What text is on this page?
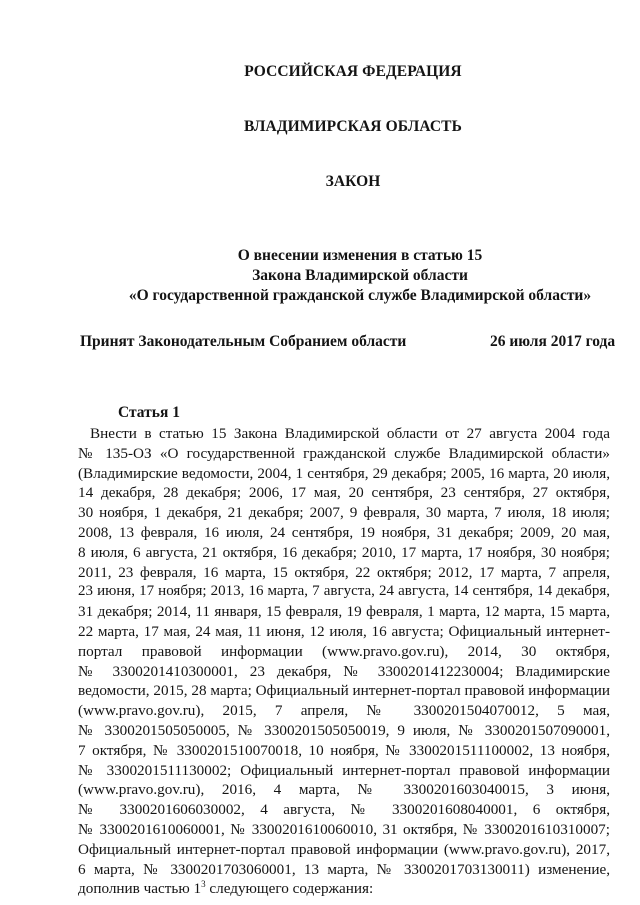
РОССИЙСКАЯ ФЕДЕРАЦИЯ
ВЛАДИМИРСКАЯ ОБЛАСТЬ
ЗАКОН
О внесении изменения в статью 15
Закона Владимирской области
«О государственной гражданской службе Владимирской области»
Принят Законодательным Собранием области	26 июля 2017 года
Статья 1
Внести в статью 15 Закона Владимирской области от 27 августа 2004 года
№ 135-ОЗ «О государственной гражданской службе Владимирской области»
(Владимирские ведомости, 2004, 1 сентября, 29 декабря; 2005, 16 марта, 20 июля,
14 декабря, 28 декабря; 2006, 17 мая, 20 сентября, 23 сентября, 27 октября,
30 ноября, 1 декабря, 21 декабря; 2007, 9 февраля, 30 марта, 7 июля, 18 июля;
2008, 13 февраля, 16 июля, 24 сентября, 19 ноября, 31 декабря; 2009, 20 мая,
8 июля, 6 августа, 21 октября, 16 декабря; 2010, 17 марта, 17 ноября, 30 ноября;
2011, 23 февраля, 16 марта, 15 октября, 22 октября; 2012, 17 марта, 7 апреля,
23 июня, 17 ноября; 2013, 16 марта, 7 августа, 24 августа, 14 сентября, 14 декабря,
31 декабря; 2014, 11 января, 15 февраля, 19 февраля, 1 марта, 12 марта, 15 марта,
22 марта, 17 мая, 24 мая, 11 июня, 12 июля, 16 августа; Официальный интернет-
портал правовой информации (www.pravo.gov.ru), 2014, 30 октября,
№ 3300201410300001, 23 декабря, № 3300201412230004; Владимирские
ведомости, 2015, 28 марта; Официальный интернет-портал правовой информации
(www.pravo.gov.ru), 2015, 7 апреля, № 3300201504070012, 5 мая,
№ 3300201505050005, № 3300201505050019, 9 июля, № 3300201507090001,
7 октября, № 3300201510070018, 10 ноября, № 3300201511100002, 13 ноября,
№ 3300201511130002; Официальный интернет-портал правовой информации
(www.pravo.gov.ru), 2016, 4 марта, № 3300201603040015, 3 июня,
№ 3300201606030002, 4 августа, № 3300201608040001, 6 октября,
№ 3300201610060001, № 3300201610060010, 31 октября, № 3300201610310007;
Официальный интернет-портал правовой информации (www.pravo.gov.ru), 2017,
6 марта, № 3300201703060001, 13 марта, № 3300201703130011) изменение,
дополнив частью $1^3$ следующего содержания:
